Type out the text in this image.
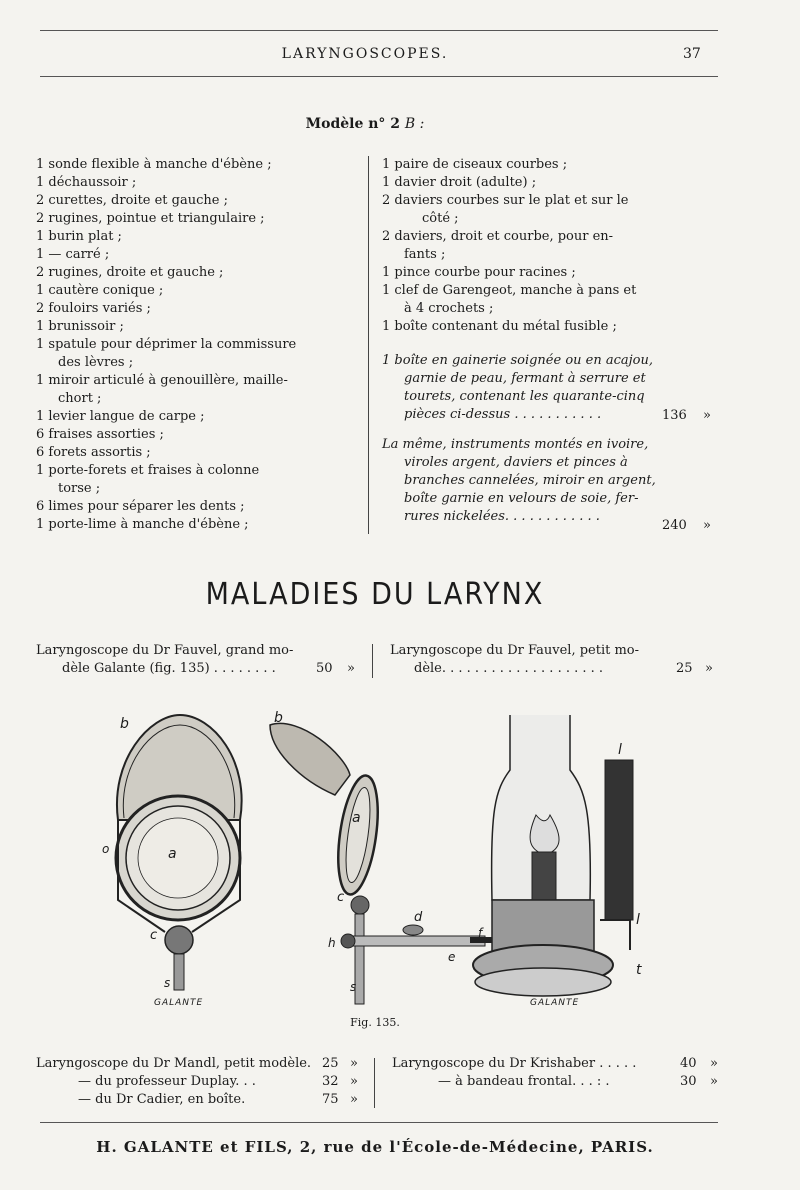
LARYNGOSCOPES.	37
Modèle n° 2 B :
1 sonde flexible à manche d'ébène ;
1 déchaussoir ;
2 curettes, droite et gauche ;
2 rugines, pointue et triangulaire ;
1 burin plat ;
1 — carré ;
2 rugines, droite et gauche ;
1 cautère conique ;
2 fouloirs variés ;
1 brunissoir ;
1 spatule pour déprimer la commissure
des lèvres ;
1 miroir articulé à genouillère, maille-
chort ;
1 levier langue de carpe ;
6 fraises assorties ;
6 forets assortis ;
1 porte-forets et fraises à colonne
torse ;
6 limes pour séparer les dents ;
1 porte-lime à manche d'ébène ;
1 paire de ciseaux courbes ;
1 davier droit (adulte) ;
2 daviers courbes sur le plat et sur le
côté ;
2 daviers, droit et courbe, pour en-
fants ;
1 pince courbe pour racines ;
1 clef de Garengeot, manche à pans et
à 4 crochets ;
1 boîte contenant du métal fusible ;
1 boîte en gainerie soignée ou en acajou,
garnie de peau, fermant à serrure et
tourets, contenant les quarante-cinq
pièces ci-dessus . . . . . . . . . . .
La même, instruments montés en ivoire,
viroles argent, daviers et pinces à
branches cannelées, miroir en argent,
boîte garnie en velours de soie, fer-
rures nickelées. . . . . . . . . . . .
136 »
240 »
MALADIES DU LARYNX
Laryngoscope du Dr Fauvel, grand mo-
dèle Galante (fig. 135) . . . . . . . .	50 »
Laryngoscope du Dr Fauvel, petit mo-
dèle. . . . . . . . . . . . . . . . . . . .	25 »
b
a
o
c
s
b
a
c
d
h
f
e
s
l
l
t
GALANTE	GALANTE
Fig. 135.
Laryngoscope du Dr Mandl, petit modèle. 25 »
— du professeur Duplay. . .	32 »
— du Dr Cadier, en boîte.	75 »
Laryngoscope du Dr Krishaber . . . . .	40 »
— à bandeau frontal. . . : .	30 »
H. GALANTE et FILS, 2, rue de l'École-de-Médecine, PARIS.
